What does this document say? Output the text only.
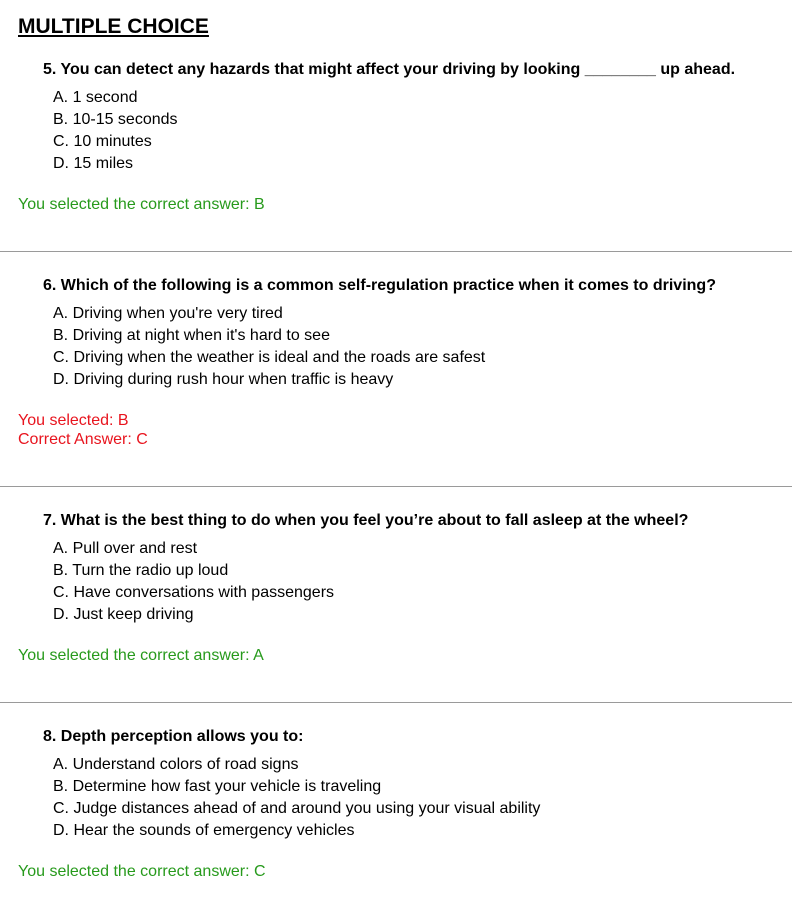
MULTIPLE CHOICE

5. You can detect any hazards that might affect your driving by looking ________ up ahead.

A. 1 second
B. 10-15 seconds
C. 10 minutes
D. 15 miles
You selected the correct answer: B

6. Which of the following is a common self-regulation practice when it comes to driving?

A. Driving when you're very tired
B. Driving at night when it's hard to see
C. Driving when the weather is ideal and the roads are safest
D. Driving during rush hour when traffic is heavy
You selected: B
Correct Answer: C

7. What is the best thing to do when you feel you’re about to fall asleep at the wheel?

A. Pull over and rest
B. Turn the radio up loud
C. Have conversations with passengers
D. Just keep driving
You selected the correct answer: A

8. Depth perception allows you to:

A. Understand colors of road signs
B. Determine how fast your vehicle is traveling
C. Judge distances ahead of and around you using your visual ability
D. Hear the sounds of emergency vehicles
You selected the correct answer: C
